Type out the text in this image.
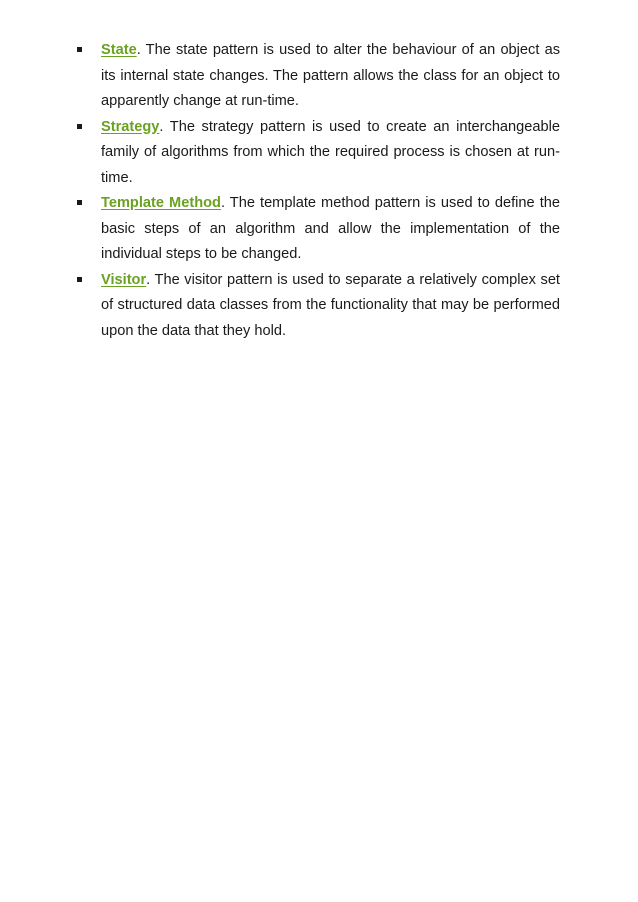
State. The state pattern is used to alter the behaviour of an object as its internal state changes. The pattern allows the class for an object to apparently change at run-time.
Strategy. The strategy pattern is used to create an interchangeable family of algorithms from which the required process is chosen at run-time.
Template Method. The template method pattern is used to define the basic steps of an algorithm and allow the implementation of the individual steps to be changed.
Visitor. The visitor pattern is used to separate a relatively complex set of structured data classes from the functionality that may be performed upon the data that they hold.
